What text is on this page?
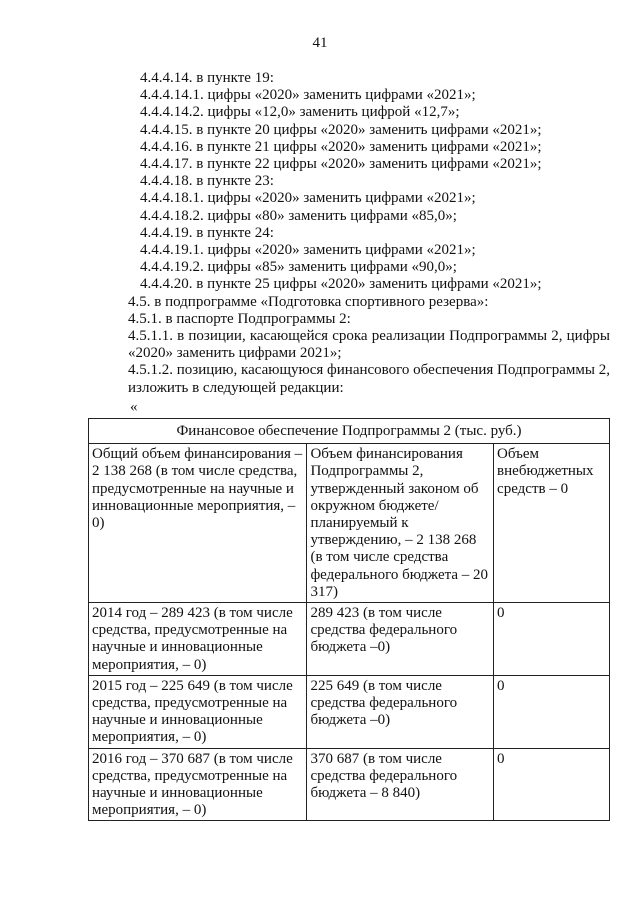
41
4.4.4.14. в пункте 19:
4.4.4.14.1. цифры «2020» заменить цифрами «2021»;
4.4.4.14.2. цифры «12,0» заменить цифрой «12,7»;
4.4.4.15. в пункте 20 цифры «2020» заменить цифрами «2021»;
4.4.4.16. в пункте 21 цифры «2020» заменить цифрами «2021»;
4.4.4.17. в пункте 22 цифры «2020» заменить цифрами «2021»;
4.4.4.18. в пункте 23:
4.4.4.18.1. цифры «2020» заменить цифрами «2021»;
4.4.4.18.2. цифры «80» заменить цифрами «85,0»;
4.4.4.19. в пункте 24:
4.4.4.19.1. цифры «2020» заменить цифрами «2021»;
4.4.4.19.2. цифры «85» заменить цифрами «90,0»;
4.4.4.20. в пункте 25 цифры «2020» заменить цифрами «2021»;
4.5. в подпрограмме «Подготовка спортивного резерва»:
4.5.1. в паспорте Подпрограммы 2:
4.5.1.1. в позиции, касающейся срока реализации Подпрограммы 2, цифры «2020» заменить цифрами 2021»;
4.5.1.2. позицию, касающуюся финансового обеспечения Подпрограммы 2, изложить в следующей редакции:
«
Финансовое обеспечение Подпрограммы 2 (тыс. руб.)		
Общий объем финансирования – 2 138 268 (в том числе средства, предусмотренные на научные и инновационные мероприятия, – 0)	Объем финансирования Подпрограммы 2, утвержденный законом об окружном бюджете/планируемый к утверждению, – 2 138 268 (в том числе средства федерального бюджета – 20 317)	Объем внебюджетных средств – 0
2014 год – 289 423 (в том числе средства, предусмотренные на научные и инновационные мероприятия, – 0)	289 423 (в том числе средства федерального бюджета –0)	0
2015 год – 225 649 (в том числе средства, предусмотренные на научные и инновационные мероприятия, – 0)	225 649 (в том числе средства федерального бюджета –0)	0
2016 год – 370 687 (в том числе средства, предусмотренные на научные и инновационные мероприятия, – 0)	370 687 (в том числе средства федерального бюджета – 8 840)	0
